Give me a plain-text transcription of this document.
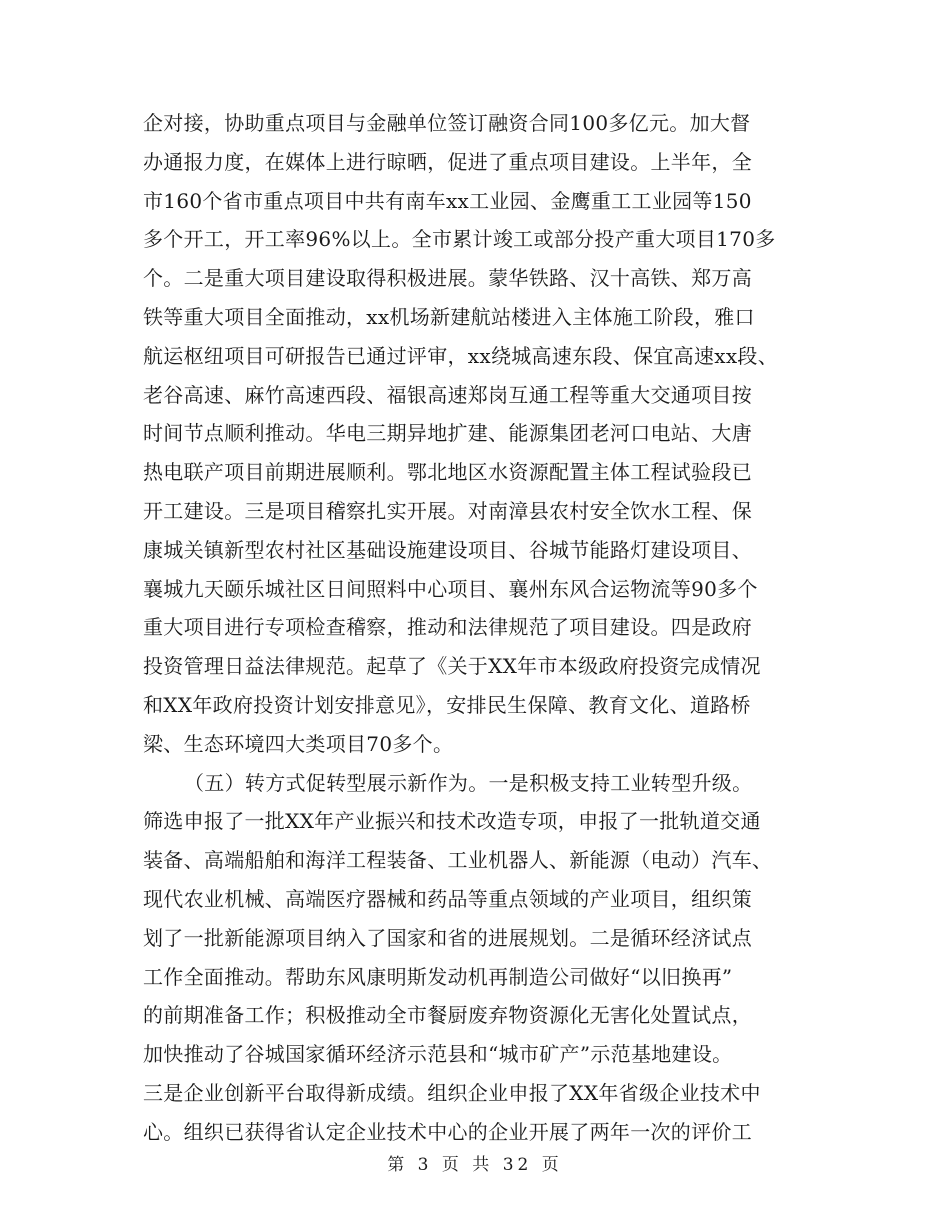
企对接，协助重点项目与金融单位签订融资合同100多亿元。加大督
办通报力度，在媒体上进行晾晒，促进了重点项目建设。上半年，全
市160个省市重点项目中共有南车xx工业园、金鹰重工工业园等150
多个开工，开工率96%以上。全市累计竣工或部分投产重大项目170多
个。二是重大项目建设取得积极进展。蒙华铁路、汉十高铁、郑万高
铁等重大项目全面推动，xx机场新建航站楼进入主体施工阶段，雅口
航运枢纽项目可研报告已通过评审，xx绕城高速东段、保宜高速xx段、
老谷高速、麻竹高速西段、福银高速郑岗互通工程等重大交通项目按
时间节点顺利推动。华电三期异地扩建、能源集团老河口电站、大唐
热电联产项目前期进展顺利。鄂北地区水资源配置主体工程试验段已
开工建设。三是项目稽察扎实开展。对南漳县农村安全饮水工程、保
康城关镇新型农村社区基础设施建设项目、谷城节能路灯建设项目、
襄城九天颐乐城社区日间照料中心项目、襄州东风合运物流等90多个
重大项目进行专项检查稽察，推动和法律规范了项目建设。四是政府
投资管理日益法律规范。起草了《关于XX年市本级政府投资完成情况
和XX年政府投资计划安排意见》，安排民生保障、教育文化、道路桥
梁、生态环境四大类项目70多个。
（五）转方式促转型展示新作为。一是积极支持工业转型升级。
筛选申报了一批XX年产业振兴和技术改造专项，申报了一批轨道交通
装备、高端船舶和海洋工程装备、工业机器人、新能源（电动）汽车、
现代农业机械、高端医疗器械和药品等重点领域的产业项目，组织策
划了一批新能源项目纳入了国家和省的进展规划。二是循环经济试点
工作全面推动。帮助东风康明斯发动机再制造公司做好“以旧换再”
的前期准备工作；积极推动全市餐厨废弃物资源化无害化处置试点，
加快推动了谷城国家循环经济示范县和“城市矿产”示范基地建设。
三是企业创新平台取得新成绩。组织企业申报了XX年省级企业技术中
心。组织已获得省认定企业技术中心的企业开展了两年一次的评价工
第 3 页 共 32 页
